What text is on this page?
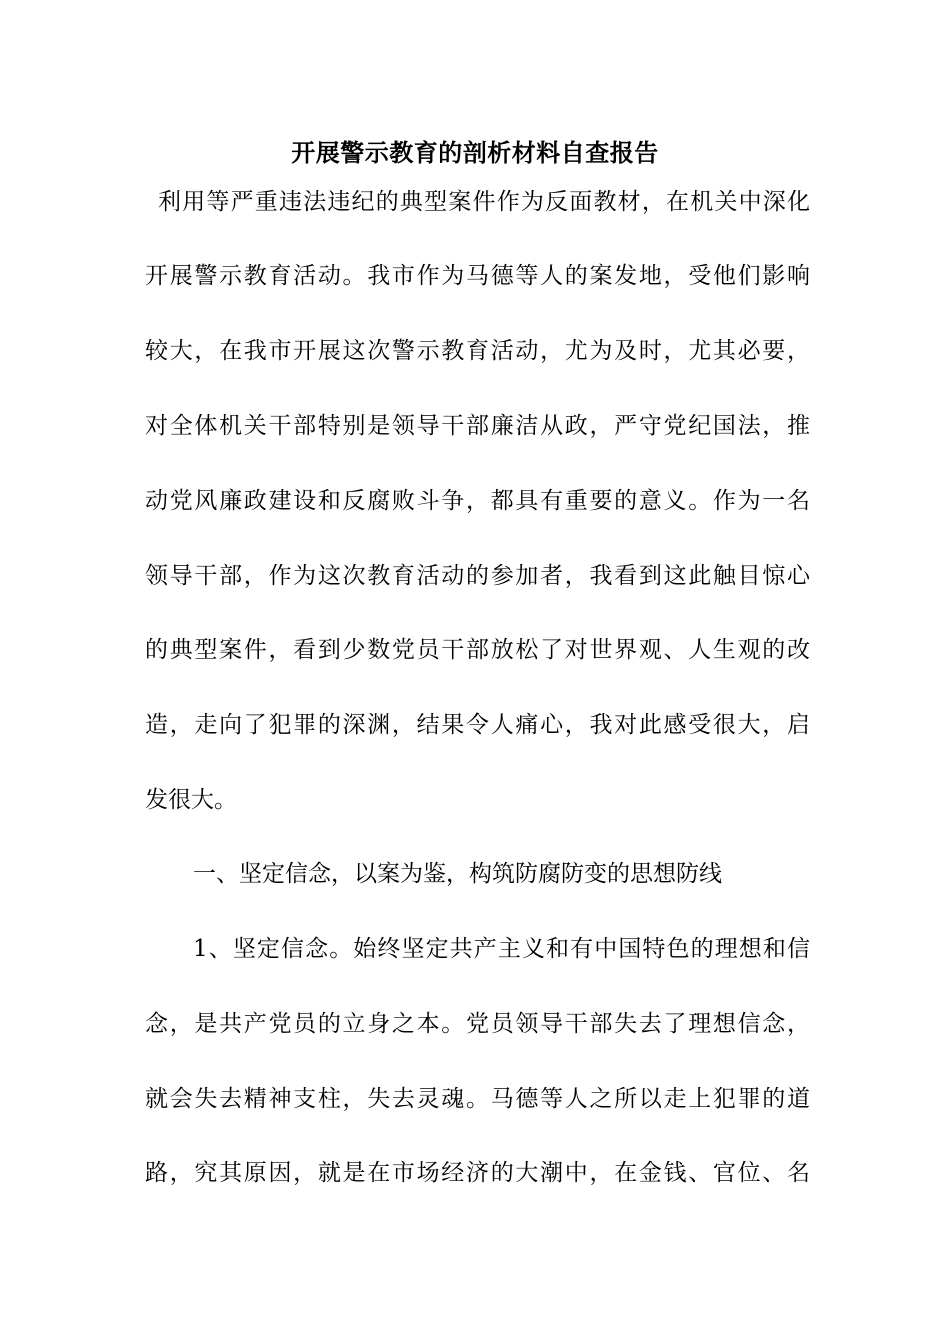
开展警示教育的剖析材料自查报告
利用等严重违法违纪的典型案件作为反面教材，在机关中深化
开展警示教育活动。我市作为马德等人的案发地，受他们影响
较大，在我市开展这次警示教育活动，尤为及时，尤其必要，
对全体机关干部特别是领导干部廉洁从政，严守党纪国法，推
动党风廉政建设和反腐败斗争，都具有重要的意义。作为一名
领导干部，作为这次教育活动的参加者，我看到这此触目惊心
的典型案件，看到少数党员干部放松了对世界观、人生观的改
造，走向了犯罪的深渊，结果令人痛心，我对此感受很大，启
发很大。
一、坚定信念，以案为鉴，构筑防腐防变的思想防线
1、坚定信念。始终坚定共产主义和有中国特色的理想和信
念，是共产党员的立身之本。党员领导干部失去了理想信念，
就会失去精神支柱，失去灵魂。马德等人之所以走上犯罪的道
路，究其原因，就是在市场经济的大潮中，在金钱、官位、名
